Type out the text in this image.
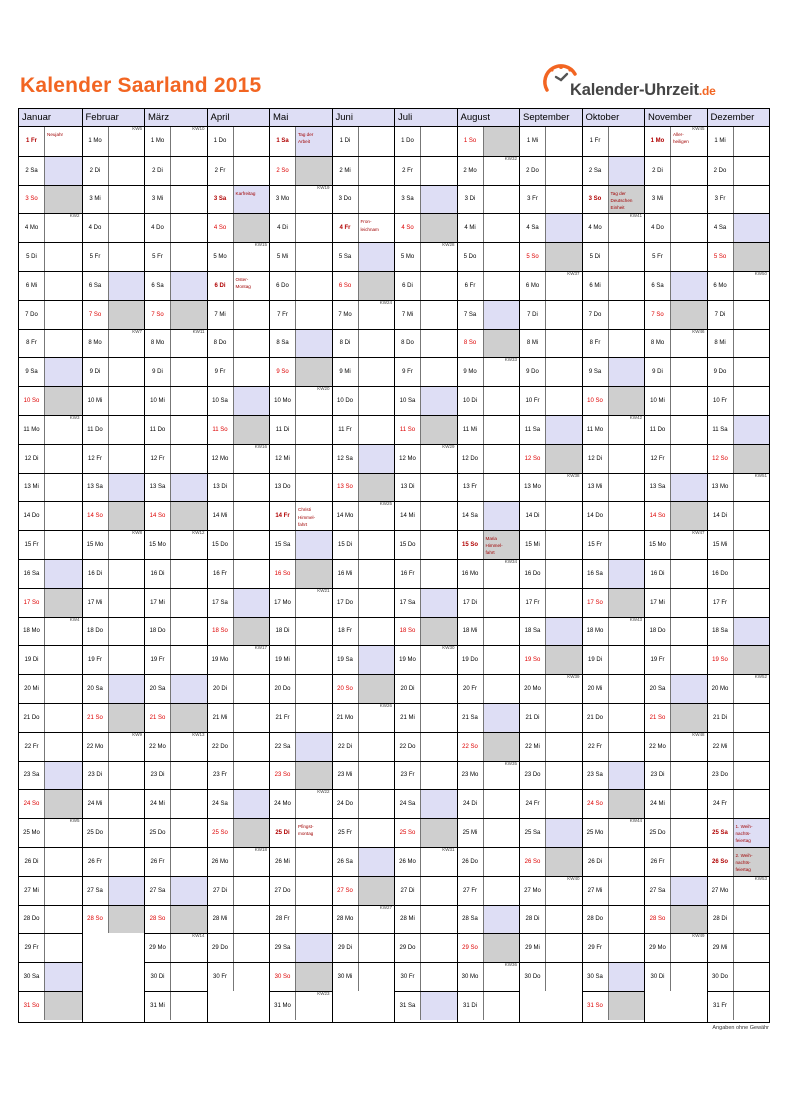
Kalender Saarland 2015	Kalender-Uhrzeit.de
Januar
1 Fr
Neujahr
2 Sa
3 So
4 Mo
KW2
5 Di
6 Mi
7 Do
8 Fr
9 Sa
10 So
11 Mo
KW3
12 Di
13 Mi
14 Do
15 Fr
16 Sa
17 So
18 Mo
KW4
19 Di
20 Mi
21 Do
22 Fr
23 Sa
24 So
25 Mo
KW5
26 Di
27 Mi
28 Do
29 Fr
30 Sa
31 So
Februar
1 Mo
KW6
2 Di
3 Mi
4 Do
5 Fr
6 Sa
7 So
8 Mo
KW7
9 Di
10 Mi
11 Do
12 Fr
13 Sa
14 So
15 Mo
KW8
16 Di
17 Mi
18 Do
19 Fr
20 Sa
21 So
22 Mo
KW9
23 Di
24 Mi
25 Do
26 Fr
27 Sa
28 So
März
1 Mo
KW10
2 Di
3 Mi
4 Do
5 Fr
6 Sa
7 So
8 Mo
KW11
9 Di
10 Mi
11 Do
12 Fr
13 Sa
14 So
15 Mo
KW12
16 Di
17 Mi
18 Do
19 Fr
20 Sa
21 So
22 Mo
KW13
23 Di
24 Mi
25 Do
26 Fr
27 Sa
28 So
29 Mo
KW14
30 Di
31 Mi
April
1 Do
2 Fr
3 Sa
Karfreitag
4 So
5 Mo
KW15
6 Di
Oster-
Montag
7 Mi
8 Do
9 Fr
10 Sa
11 So
12 Mo
KW16
13 Di
14 Mi
15 Do
16 Fr
17 Sa
18 So
19 Mo
KW17
20 Di
21 Mi
22 Do
23 Fr
24 Sa
25 So
26 Mo
KW18
27 Di
28 Mi
29 Do
30 Fr
Mai
1 Sa
Tag der
Arbeit
2 So
3 Mo
KW19
4 Di
5 Mi
6 Do
7 Fr
8 Sa
9 So
10 Mo
KW20
11 Di
12 Mi
13 Do
14 Fr
Christi
Himmel-
fahrt
15 Sa
16 So
17 Mo
KW21
18 Di
19 Mi
20 Do
21 Fr
22 Sa
23 So
24 Mo
KW22
25 Di
Pfingst-
montag
26 Mi
27 Do
28 Fr
29 Sa
30 So
31 Mo
KW23
Juni
1 Di
2 Mi
3 Do
4 Fr
Fron-
leichnam
5 Sa
6 So
7 Mo
KW24
8 Di
9 Mi
10 Do
11 Fr
12 Sa
13 So
14 Mo
KW25
15 Di
16 Mi
17 Do
18 Fr
19 Sa
20 So
21 Mo
KW26
22 Di
23 Mi
24 Do
25 Fr
26 Sa
27 So
28 Mo
KW27
29 Di
30 Mi
Juli
1 Do
2 Fr
3 Sa
4 So
5 Mo
KW28
6 Di
7 Mi
8 Do
9 Fr
10 Sa
11 So
12 Mo
KW29
13 Di
14 Mi
15 Do
16 Fr
17 Sa
18 So
19 Mo
KW30
20 Di
21 Mi
22 Do
23 Fr
24 Sa
25 So
26 Mo
KW31
27 Di
28 Mi
29 Do
30 Fr
31 Sa
August
1 So
2 Mo
KW32
3 Di
4 Mi
5 Do
6 Fr
7 Sa
8 So
9 Mo
KW33
10 Di
11 Mi
12 Do
13 Fr
14 Sa
15 So
Maria
Himmel-
fahrt
16 Mo
KW34
17 Di
18 Mi
19 Do
20 Fr
21 Sa
22 So
23 Mo
KW35
24 Di
25 Mi
26 Do
27 Fr
28 Sa
29 So
30 Mo
KW36
31 Di
September
1 Mi
2 Do
3 Fr
4 Sa
5 So
6 Mo
KW37
7 Di
8 Mi
9 Do
10 Fr
11 Sa
12 So
13 Mo
KW38
14 Di
15 Mi
16 Do
17 Fr
18 Sa
19 So
20 Mo
KW39
21 Di
22 Mi
23 Do
24 Fr
25 Sa
26 So
27 Mo
KW40
28 Di
29 Mi
30 Do
Oktober
1 Fr
2 Sa
3 So
Tag der
Deutschen
Einheit
4 Mo
KW41
5 Di
6 Mi
7 Do
8 Fr
9 Sa
10 So
11 Mo
KW42
12 Di
13 Mi
14 Do
15 Fr
16 Sa
17 So
18 Mo
KW43
19 Di
20 Mi
21 Do
22 Fr
23 Sa
24 So
25 Mo
KW44
26 Di
27 Mi
28 Do
29 Fr
30 Sa
31 So
November
1 Mo
KW45
Aller-
heiligen
2 Di
3 Mi
4 Do
5 Fr
6 Sa
7 So
8 Mo
KW46
9 Di
10 Mi
11 Do
12 Fr
13 Sa
14 So
15 Mo
KW47
16 Di
17 Mi
18 Do
19 Fr
20 Sa
21 So
22 Mo
KW48
23 Di
24 Mi
25 Do
26 Fr
27 Sa
28 So
29 Mo
KW49
30 Di
Dezember
1 Mi
2 Do
3 Fr
4 Sa
5 So
6 Mo
KW50
7 Di
8 Mi
9 Do
10 Fr
11 Sa
12 So
13 Mo
KW51
14 Di
15 Mi
16 Do
17 Fr
18 Sa
19 So
20 Mo
KW52
21 Di
22 Mi
23 Do
24 Fr
25 Sa
1. Weih-
nachts-
feiertag
26 So
2. Weih-
nachts-
feiertag
27 Mo
KW53
28 Di
29 Mi
30 Do
31 Fr
Angaben ohne Gewähr
